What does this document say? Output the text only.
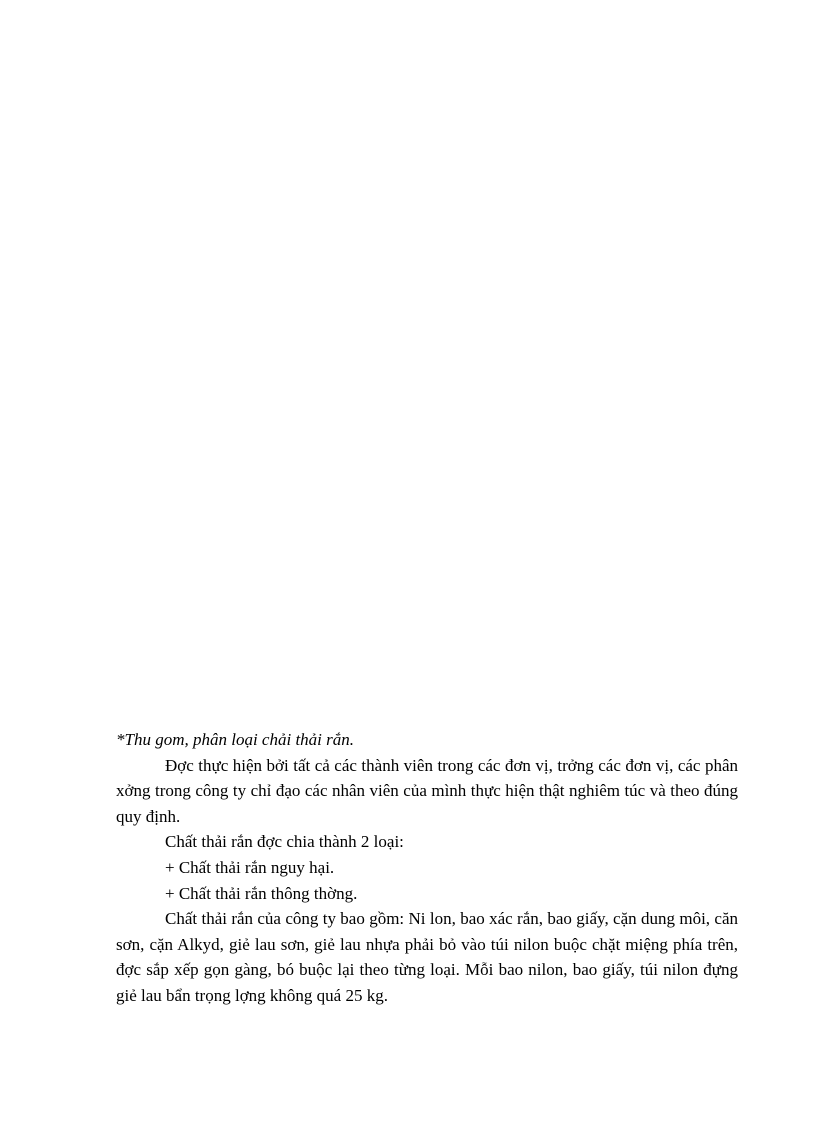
*Thu gom, phân loại chải thải rắn.

Đợc thực hiện bởi tất cả các thành viên trong các đơn vị, trởng các đơn vị, các phân xởng trong công ty chỉ đạo các nhân viên của mình thực hiện thật nghiêm túc và theo đúng quy định.

Chất thải rắn đợc chia thành 2 loại:

+ Chất thải rắn nguy hại.

+ Chất thải rắn thông thờng.

Chất thải rắn của công ty bao gồm: Ni lon, bao xác rắn, bao giấy, cặn dung môi, căn sơn, cặn Alkyd, giẻ lau sơn, giẻ lau nhựa phải bỏ vào túi nilon buộc chặt miệng phía trên, đợc sắp xếp gọn gàng, bó buộc lại theo từng loại. Mỗi bao nilon, bao giấy, túi nilon đựng giẻ lau bẩn trọng lợng không quá 25 kg.
